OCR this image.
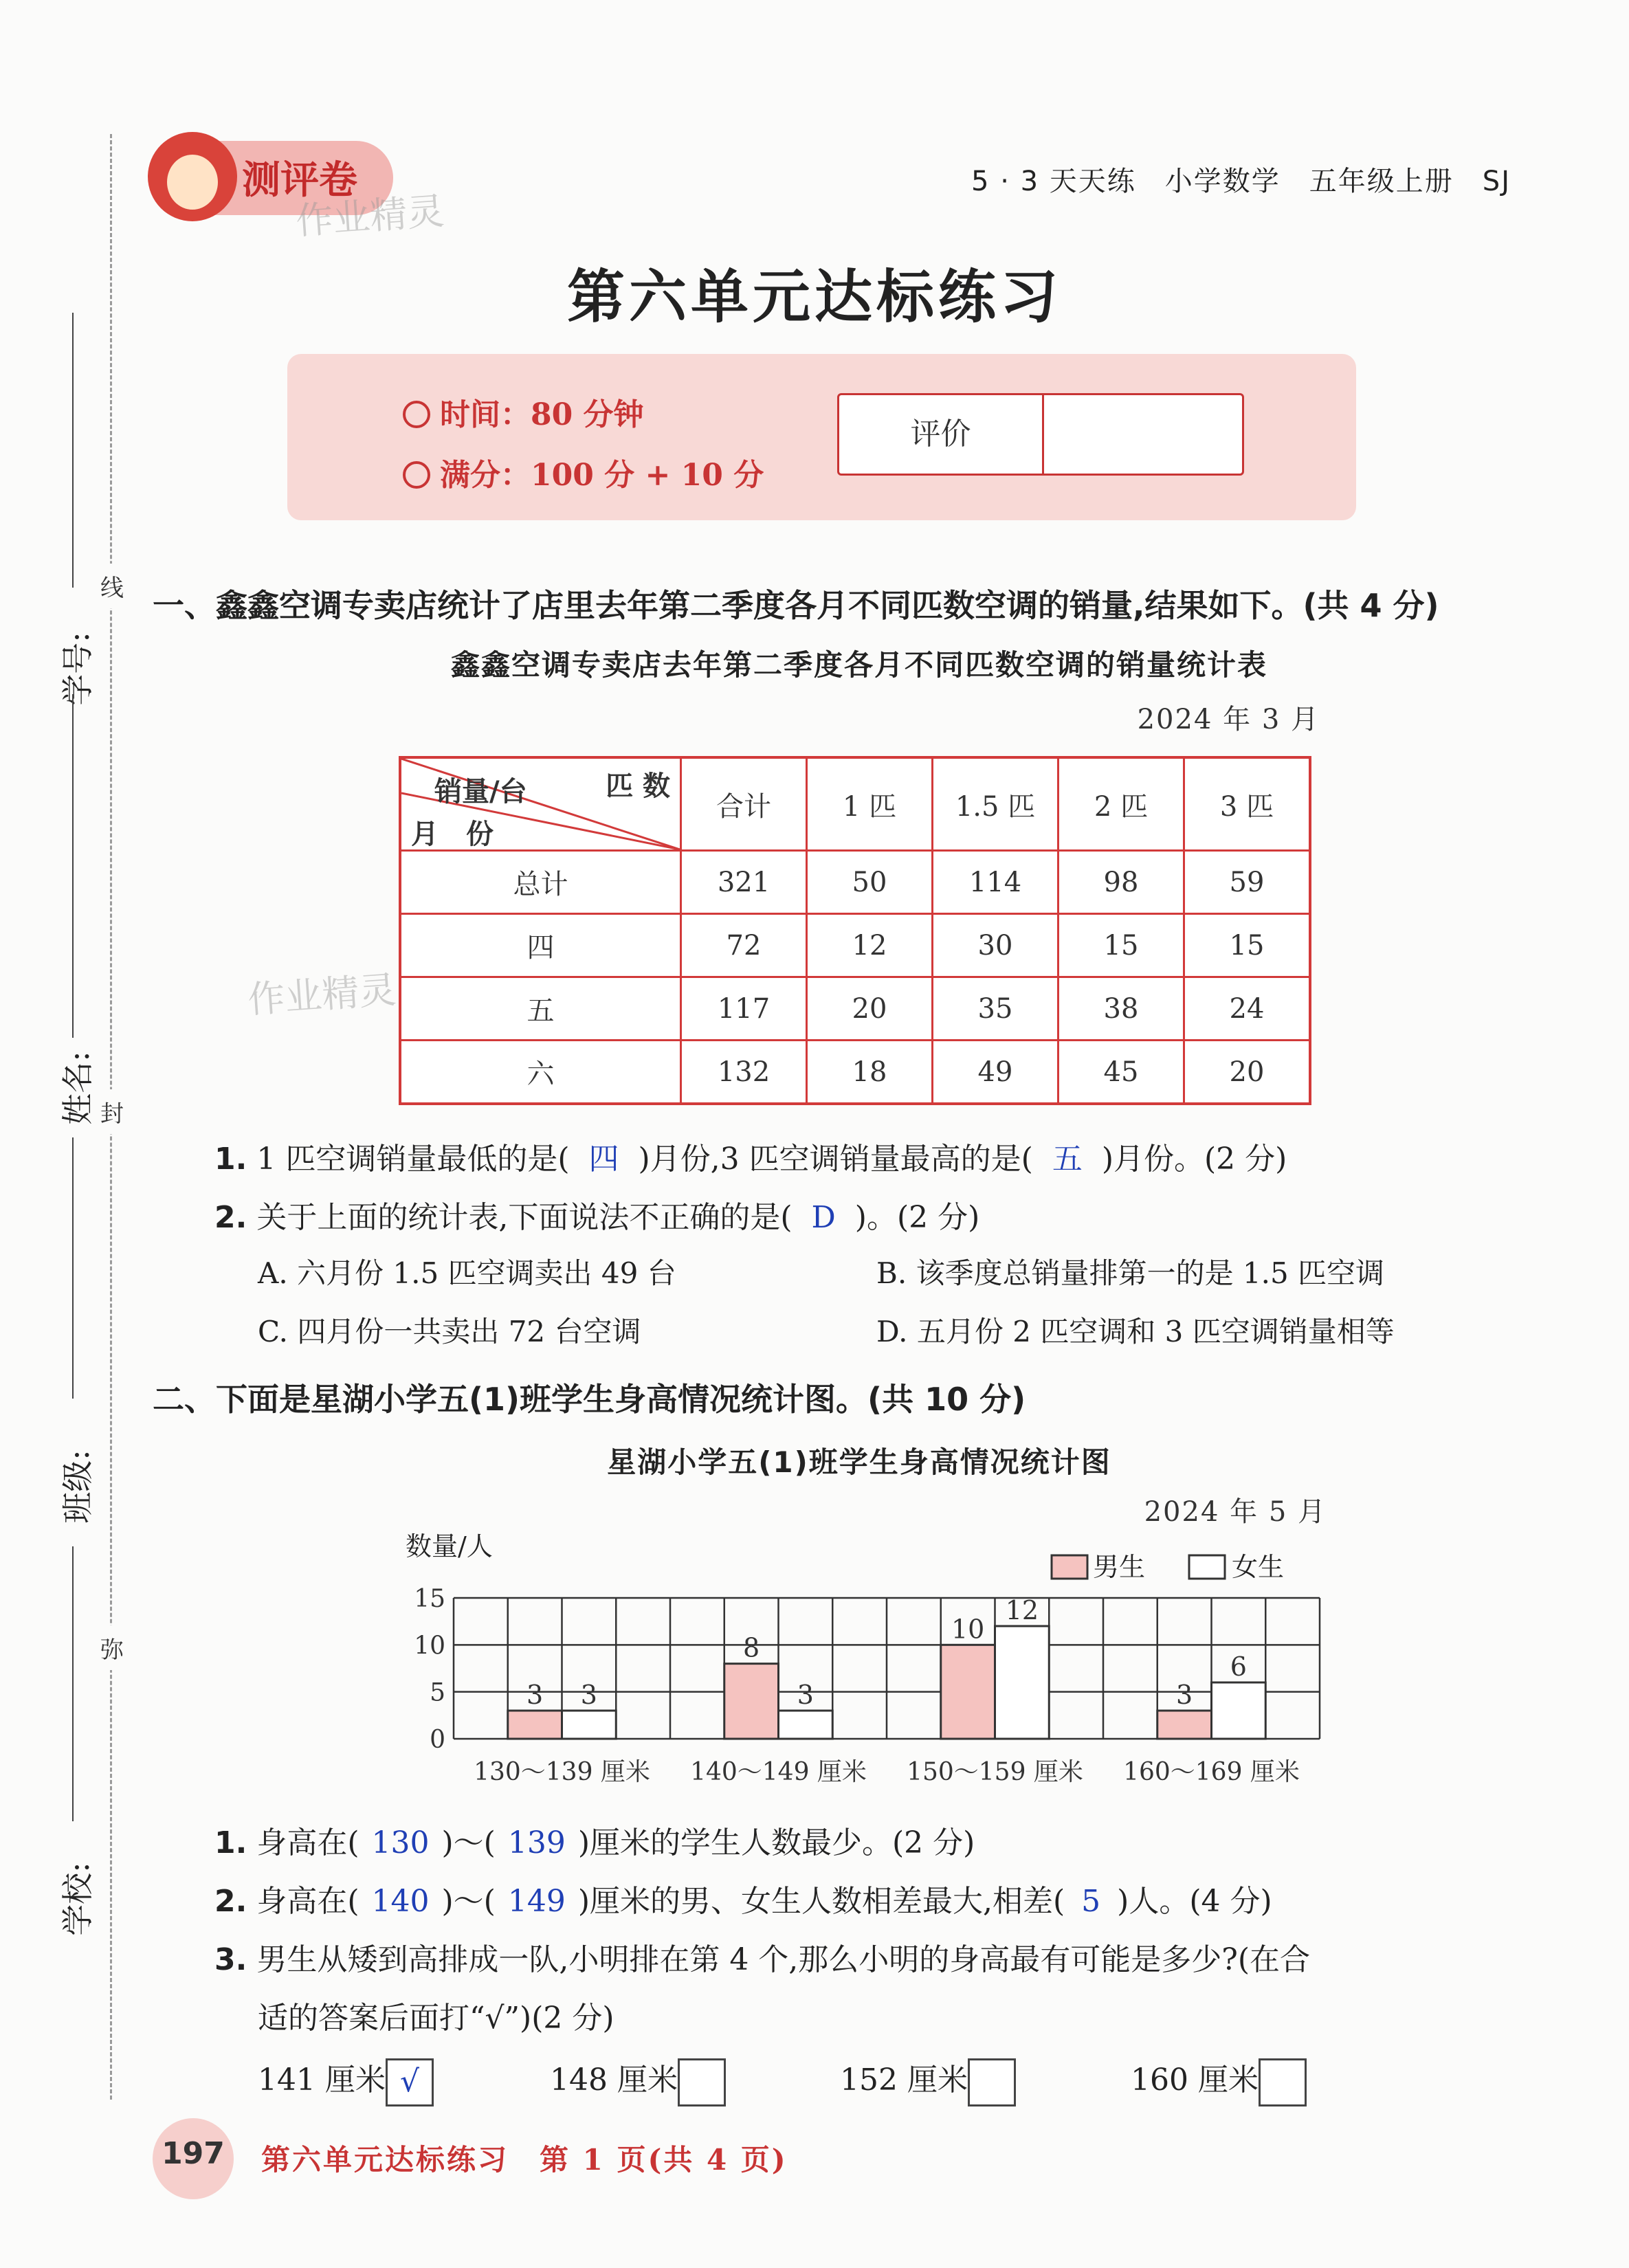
线
封
弥
学号:
姓名:
班级:
学校:
测评卷
作业精灵
作业精灵
5 · 3 天天练　小学数学　五年级上册　SJ
第六单元达标练习
时间：80 分钟
满分：100 分 + 10 分
评价
一、鑫鑫空调专卖店统计了店里去年第二季度各月不同匹数空调的销量,结果如下。(共 4 分)
鑫鑫空调专卖店去年第二季度各月不同匹数空调的销量统计表
2024 年 3 月
匹 数
销量/台
月　份	合计	1 匹	1.5 匹	2 匹	3 匹
总计	321	50	114	98	59
四	72	12	30	15	15
五	117	20	35	38	24
六	132	18	49	45	20
1. 1 匹空调销量最低的是( 四 )月份,3 匹空调销量最高的是( 五 )月份。(2 分)
2. 关于上面的统计表,下面说法不正确的是( D )。(2 分)
A. 六月份 1.5 匹空调卖出 49 台	B. 该季度总销量排第一的是 1.5 匹空调
C. 四月份一共卖出 72 台空调	D. 五月份 2 匹空调和 3 匹空调销量相等
二、下面是星湖小学五(1)班学生身高情况统计图。(共 10 分)
星湖小学五(1)班学生身高情况统计图
2024 年 5 月
0
5
10
15
3 3
130～139 厘米
8
3
140～149 厘米
10
12
150～159 厘米
3
6
160～169 厘米
数量/人
男生	女生
1. 身高在( 130 )～( 139 )厘米的学生人数最少。(2 分)
2. 身高在( 140 )～( 149 )厘米的男、女生人数相差最大,相差( 5 )人。(4 分)
3. 男生从矮到高排成一队,小明排在第 4 个,那么小明的身高最有可能是多少?(在合
适的答案后面打“√”)(2 分)
141 厘米 √	148 厘米	152 厘米	160 厘米
197	第六单元达标练习　第 1 页(共 4 页)
